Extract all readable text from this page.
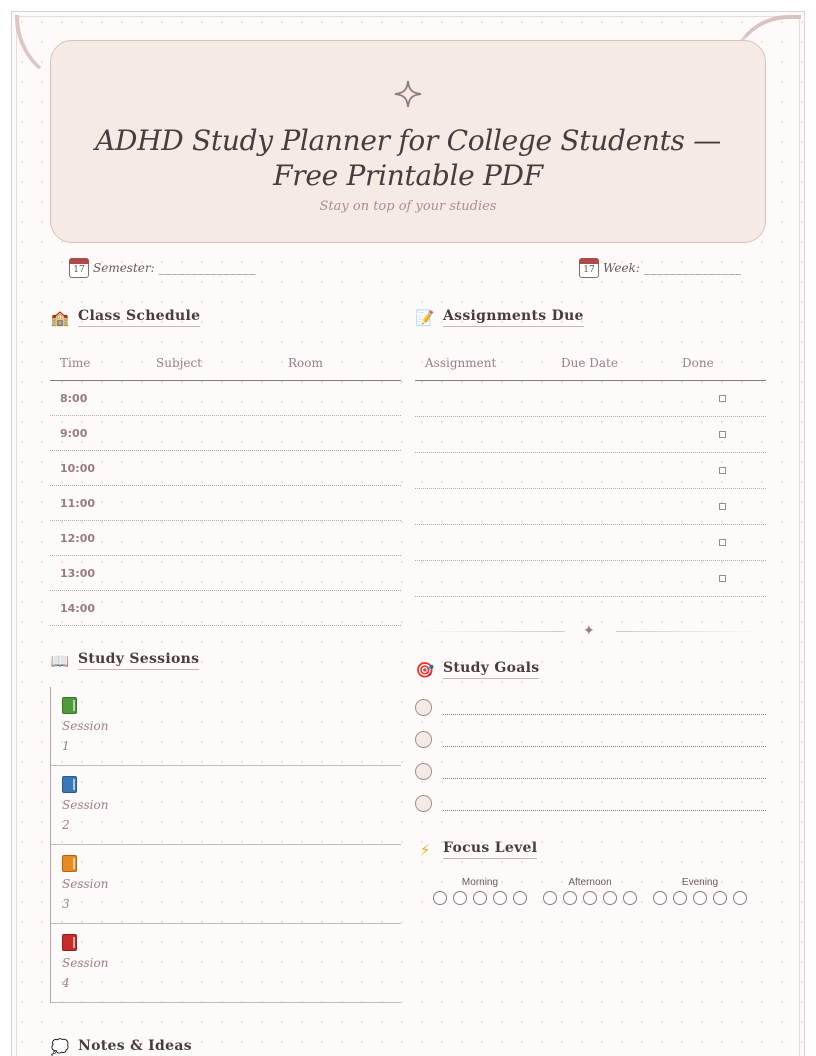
ADHD Study Planner for College Students — Free Printable PDF
Stay on top of your studies
17 Semester: _______________	17 Week: _______________
🏫 Class Schedule
Time	Subject	Room
8:00
9:00
10:00
11:00
12:00
13:00
14:00
📝 Assignments Due
Assignment	Due Date	Done
✦
📖 Study Sessions
Session 1
Session 2
Session 3
Session 4
🎯 Study Goals
⚡ Focus Level
Morning	Afternoon	Evening
💭 Notes & Ideas
